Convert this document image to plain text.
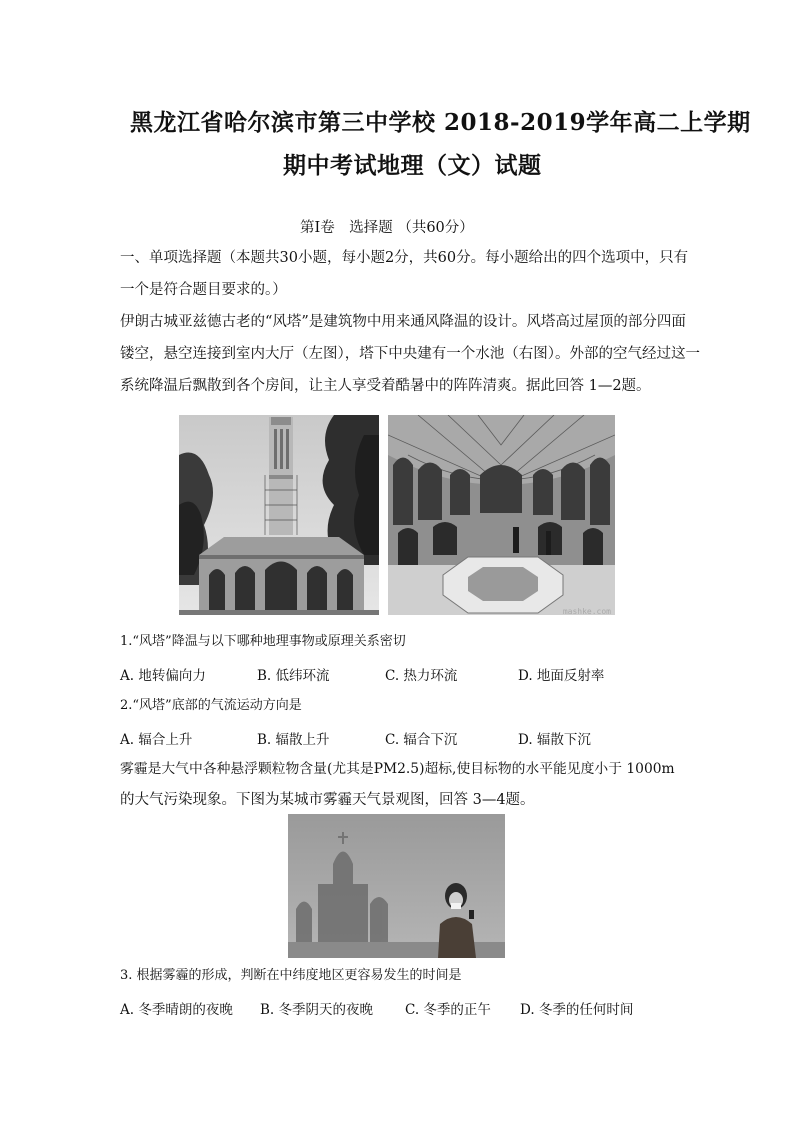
黑龙江省哈尔滨市第三中学校 2018-2019学年高二上学期
期中考试地理（文）试题
第Ⅰ卷　选择题 （共60分）
一、单项选择题（本题共30小题，每小题2分，共60分。每小题给出的四个选项中，只有
一个是符合题目要求的。）
伊朗古城亚兹德古老的“风塔”是建筑物中用来通风降温的设计。风塔高过屋顶的部分四面
镂空，悬空连接到室内大厅（左图），塔下中央建有一个水池（右图）。外部的空气经过这一
系统降温后飘散到各个房间，让主人享受着酷暑中的阵阵清爽。据此回答 1—2题。
mashke.com
1.“风塔”降温与以下哪种地理事物或原理关系密切
A. 地转偏向力	B. 低纬环流	C. 热力环流	D. 地面反射率
2.“风塔”底部的气流运动方向是
A. 辐合上升	B. 辐散上升	C. 辐合下沉	D. 辐散下沉
雾霾是大气中各种悬浮颗粒物含量(尤其是PM2.5)超标,使目标物的水平能见度小于 1000m
的大气污染现象。下图为某城市雾霾天气景观图，回答 3—4题。
3. 根据雾霾的形成，判断在中纬度地区更容易发生的时间是
A. 冬季晴朗的夜晚 B. 冬季阴天的夜晚 C. 冬季的正午 D. 冬季的任何时间
